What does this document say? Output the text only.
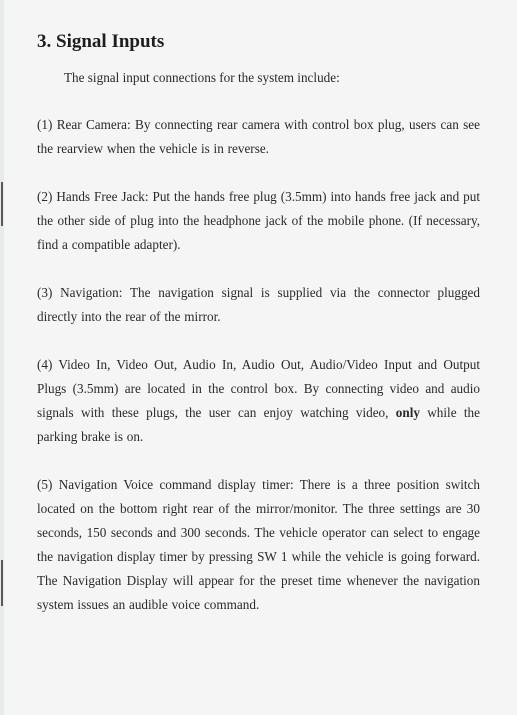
3. Signal Inputs

The signal input connections for the system include:

(1) Rear Camera: By connecting rear camera with control box plug, users can see the rearview when the vehicle is in reverse.

(2) Hands Free Jack: Put the hands free plug (3.5mm) into hands free jack and put the other side of plug into the headphone jack of the mobile phone. (If necessary, find a compatible adapter).

(3) Navigation: The navigation signal is supplied via the connector plugged directly into the rear of the mirror.

(4) Video In, Video Out, Audio In, Audio Out, Audio/Video Input and Output Plugs (3.5mm) are located in the control box. By connecting video and audio signals with these plugs, the user can enjoy watching video, only while the parking brake is on.

(5) Navigation Voice command display timer: There is a three position switch located on the bottom right rear of the mirror/monitor. The three settings are 30 seconds, 150 seconds and 300 seconds. The vehicle operator can select to engage the navigation display timer by pressing SW 1 while the vehicle is going forward. The Navigation Display will appear for the preset time whenever the navigation system issues an audible voice command.
